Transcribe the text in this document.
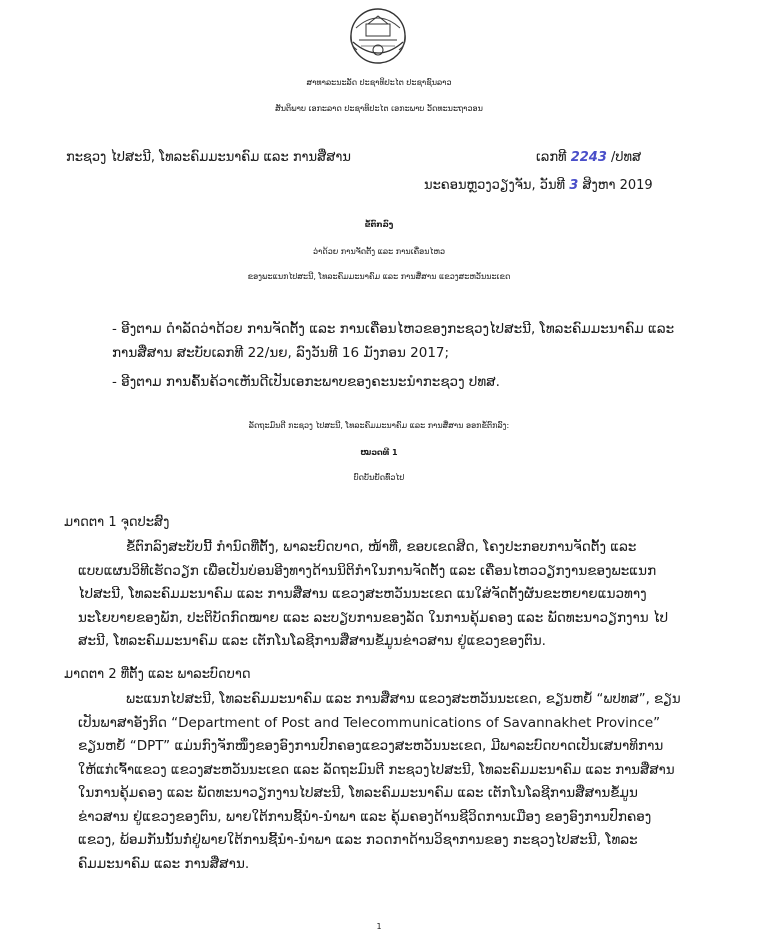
ສາທາລະນະລັດ ປະຊາທິປະໄຕ ປະຊາຊົນລາວ
ສັນຕິພາບ ເອກະລາດ ປະຊາທິປະໄຕ ເອກະພາບ ວັດທະນະຖາວອນ
ກະຊວງ ໄປສະນີ, ໂທລະຄົມມະນາຄົມ ແລະ ການສື່ສານ	ເລກທີ 2243 /ປທສ
ນະຄອນຫຼວງວຽງຈັນ, ວັນທີ 3 ສິງຫາ 2019
ຂໍ້ຕົກລົງ
ວ່າດ້ວຍ ການຈັດຕັ້ງ ແລະ ການເຄື່ອນໄຫວ
ຂອງພະແນກໄປສະນີ, ໂທລະຄົມມະນາຄົມ ແລະ ການສື່ສານ ແຂວງສະຫວັນນະເຂດ
- ອີງຕາມ ດຳລັດວ່າດ້ວຍ ການຈັດຕັ້ງ ແລະ ການເຄື່ອນໄຫວຂອງກະຊວງໄປສະນີ, ໂທລະຄົມມະນາຄົມ ແລະ
ການສື່ສານ ສະບັບເລກທີ 22/ນຍ, ລົງວັນທີ 16 ມັງກອນ 2017;
- ອີງຕາມ ການຄົ້ນຄ້ວາເຫັນດີເປັນເອກະພາບຂອງຄະນະນຳກະຊວງ ປທສ.
ລັດຖະມົນຕີ ກະຊວງ ໄປສະນີ, ໂທລະຄົມມະນາຄົມ ແລະ ການສື່ສານ ອອກຂໍ້ຕົກລົງ:
ໝວດທີ 1
ບົດບັນຍັດທົ່ວໄປ
ມາດຕາ 1 ຈຸດປະສົງ
ຂໍ້ຕົກລົງສະບັບນີ້ ກຳນົດທີ່ຕັ້ງ, ພາລະບົດບາດ, ໜ້າທີ່, ຂອບເຂດສິດ, ໂຄງປະກອບການຈັດຕັ້ງ ແລະ
ແບບແຜນວິທີເຮັດວຽກ ເພື່ອເປັນບ່ອນອີງທາງດ້ານນິຕິກຳໃນການຈັດຕັ້ງ ແລະ ເຄື່ອນໄຫວວຽກງານຂອງພະແນກ
ໄປສະນີ, ໂທລະຄົມມະນາຄົມ ແລະ ການສື່ສານ ແຂວງສະຫວັນນະເຂດ ແນໃສ່ຈັດຕັ້ງຜັນຂະຫຍາຍແນວທາງ
ນະໂຍບາຍຂອງພັກ, ປະຕິບັດກົດໝາຍ ແລະ ລະບຽບການຂອງລັດ ໃນການຄຸ້ມຄອງ ແລະ ພັດທະນາວຽກງານ ໄປ
ສະນີ, ໂທລະຄົມມະນາຄົມ ແລະ ເຕັກໂນໂລຊີການສື່ສານຂໍ້ມູນຂ່າວສານ ຢູ່ແຂວງຂອງຕົນ.
ມາດຕາ 2 ທີ່ຕັ້ງ ແລະ ພາລະບົດບາດ
ພະແນກໄປສະນີ, ໂທລະຄົມມະນາຄົມ ແລະ ການສື່ສານ ແຂວງສະຫວັນນະເຂດ, ຂຽນຫຍໍ້ “ພປທສ”, ຂຽນ
ເປັນພາສາອັງກິດ “Department of Post and Telecommunications of Savannakhet Province”
ຂຽນຫຍໍ້ “DPT” ແມ່ນກົງຈັກໜຶ່ງຂອງອົງການປົກຄອງແຂວງສະຫວັນນະເຂດ, ມີພາລະບົດບາດເປັນເສນາທິການ
ໃຫ້ແກ່ເຈົ້າແຂວງ ແຂວງສະຫວັນນະເຂດ ແລະ ລັດຖະມົນຕີ ກະຊວງໄປສະນີ, ໂທລະຄົມມະນາຄົມ ແລະ ການສື່ສານ
ໃນການຄຸ້ມຄອງ ແລະ ພັດທະນາວຽກງານໄປສະນີ, ໂທລະຄົມມະນາຄົມ ແລະ ເຕັກໂນໂລຊີການສື່ສານຂໍ້ມູນ
ຂ່າວສານ ຢູ່ແຂວງຂອງຕົນ, ພາຍໃຕ້ການຊີ້ນຳ-ນຳພາ ແລະ ຄຸ້ມຄອງດ້ານຊີວິດການເມືອງ ຂອງອົງການປົກຄອງ
ແຂວງ, ພ້ອມກັນນັ້ນກໍ່ຢູ່ພາຍໃຕ້ການຊີ້ນຳ-ນຳພາ ແລະ ກວດກາດ້ານວິຊາການຂອງ ກະຊວງໄປສະນີ, ໂທລະ
ຄົມມະນາຄົມ ແລະ ການສື່ສານ.
1
